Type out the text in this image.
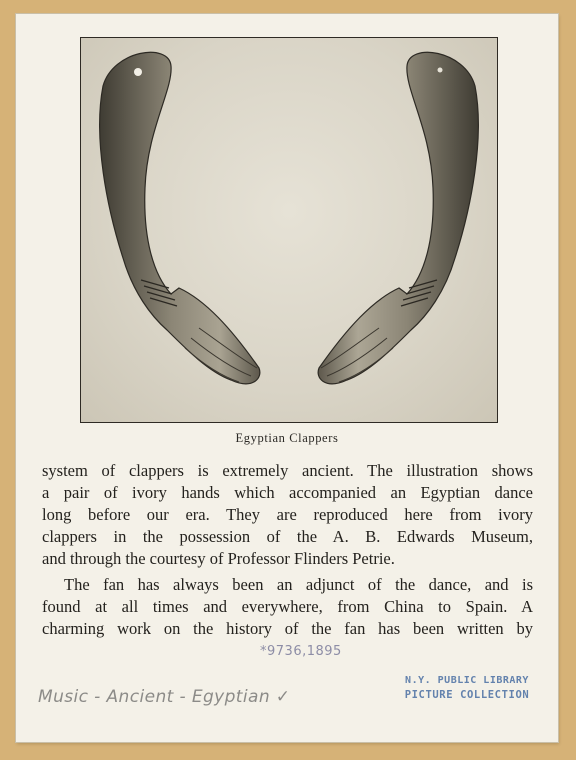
Egyptian Clappers
system of clappers is extremely ancient. The illustration shows
a pair of ivory hands which accompanied an Egyptian dance
long before our era. They are reproduced here from ivory
clappers in the possession of the A. B. Edwards Museum,
and through the courtesy of Professor Flinders Petrie.
The fan has always been an adjunct of the dance, and is
found at all times and everywhere, from China to Spain. A
charming work on the history of the fan has been written by
*9736,1895
Music - Ancient - Egyptian ✓
N.Y. PUBLIC LIBRARY
PICTURE COLLECTION
